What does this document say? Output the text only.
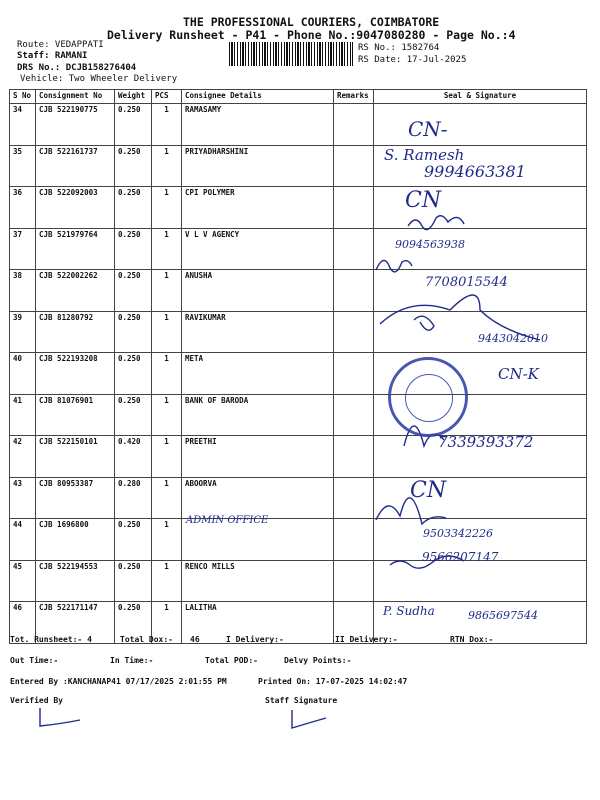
THE PROFESSIONAL COURIERS, COIMBATORE
Delivery Runsheet - P41 - Phone No.:9047080280 - Page No.:4
Route: VEDAPPATI
Staff: RAMANI
DRS No.: DCJB158276404
Vehicle: Two Wheeler Delivery
RS No.: 1582764
RS Date: 17-Jul-2025
S No	Consignment No	Weight	PCS	Consignee Details	Remarks	Seal & Signature
34	CJB 522190775	0.250	1	RAMASAMY		
35	CJB 522161737	0.250	1	PRIYADHARSHINI		
36	CJB 522092003	0.250	1	CPI POLYMER		
37	CJB 521979764	0.250	1	V L V AGENCY		
38	CJB 522002262	0.250	1	ANUSHA		
39	CJB 81280792	0.250	1	RAVIKUMAR		
40	CJB 522193208	0.250	1	META		
41	CJB 81076901	0.250	1	BANK OF BARODA		
42	CJB 522150101	0.420	1	PREETHI		
43	CJB 80953387	0.280	1	ABOORVA		
44	CJB 1696800	0.250	1			
45	CJB 522194553	0.250	1	RENCO MILLS		
46	CJB 522171147	0.250	1	LALITHA		
CN-
S. Ramesh
9994663381
CN
9094563938
7708015544
9443042010
CN-K
7339393372
CN
ADMIN OFFICE
9503342226
9566207147
P. Sudha	9865697544
Tot. Runsheet:- 4	Total Dox:- 46	I Delivery:-	II Delivery:-	RTN Dox:-
Out Time:-	In Time:-	Total POD:-	Delvy Points:-
Entered By :KANCHANAP41 07/17/2025 2:01:55 PM	Printed On: 17-07-2025 14:02:47
Verified By	Staff Signature
